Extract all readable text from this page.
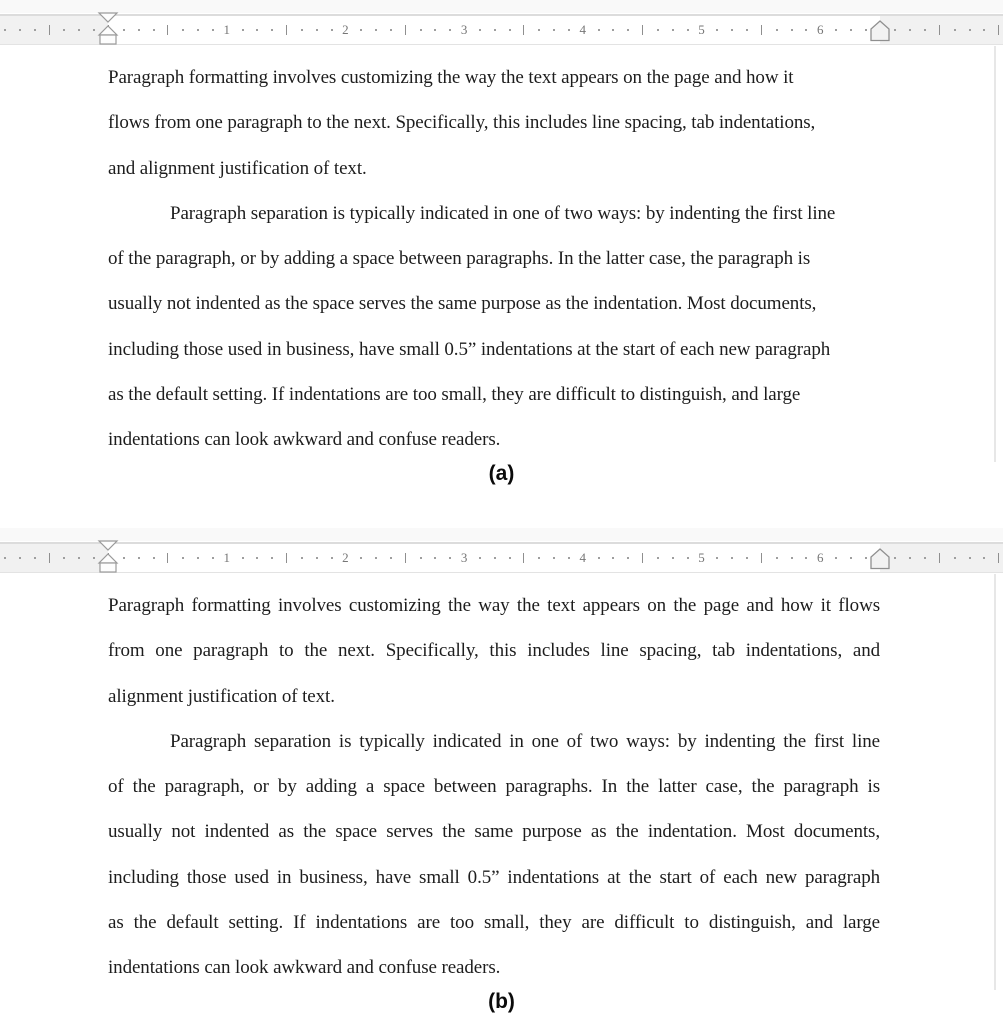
1	2	3	4	5	6
Paragraph formatting involves customizing the way the text appears on the page and how it
flows from one paragraph to the next. Specifically, this includes line spacing, tab indentations,
and alignment justification of text.
Paragraph separation is typically indicated in one of two ways: by indenting the first line
of the paragraph, or by adding a space between paragraphs. In the latter case, the paragraph is
usually not indented as the space serves the same purpose as the indentation. Most documents,
including those used in business, have small 0.5” indentations at the start of each new paragraph
as the default setting. If indentations are too small, they are difficult to distinguish, and large
indentations can look awkward and confuse readers.
(a)
1	2	3	4	5	6
Paragraph formatting involves customizing the way the text appears on the page and how it flows
from one paragraph to the next. Specifically, this includes line spacing, tab indentations, and
alignment justification of text.
Paragraph separation is typically indicated in one of two ways: by indenting the first line
of the paragraph, or by adding a space between paragraphs. In the latter case, the paragraph is
usually not indented as the space serves the same purpose as the indentation. Most documents,
including those used in business, have small 0.5” indentations at the start of each new paragraph
as the default setting. If indentations are too small, they are difficult to distinguish, and large
indentations can look awkward and confuse readers.
(b)
